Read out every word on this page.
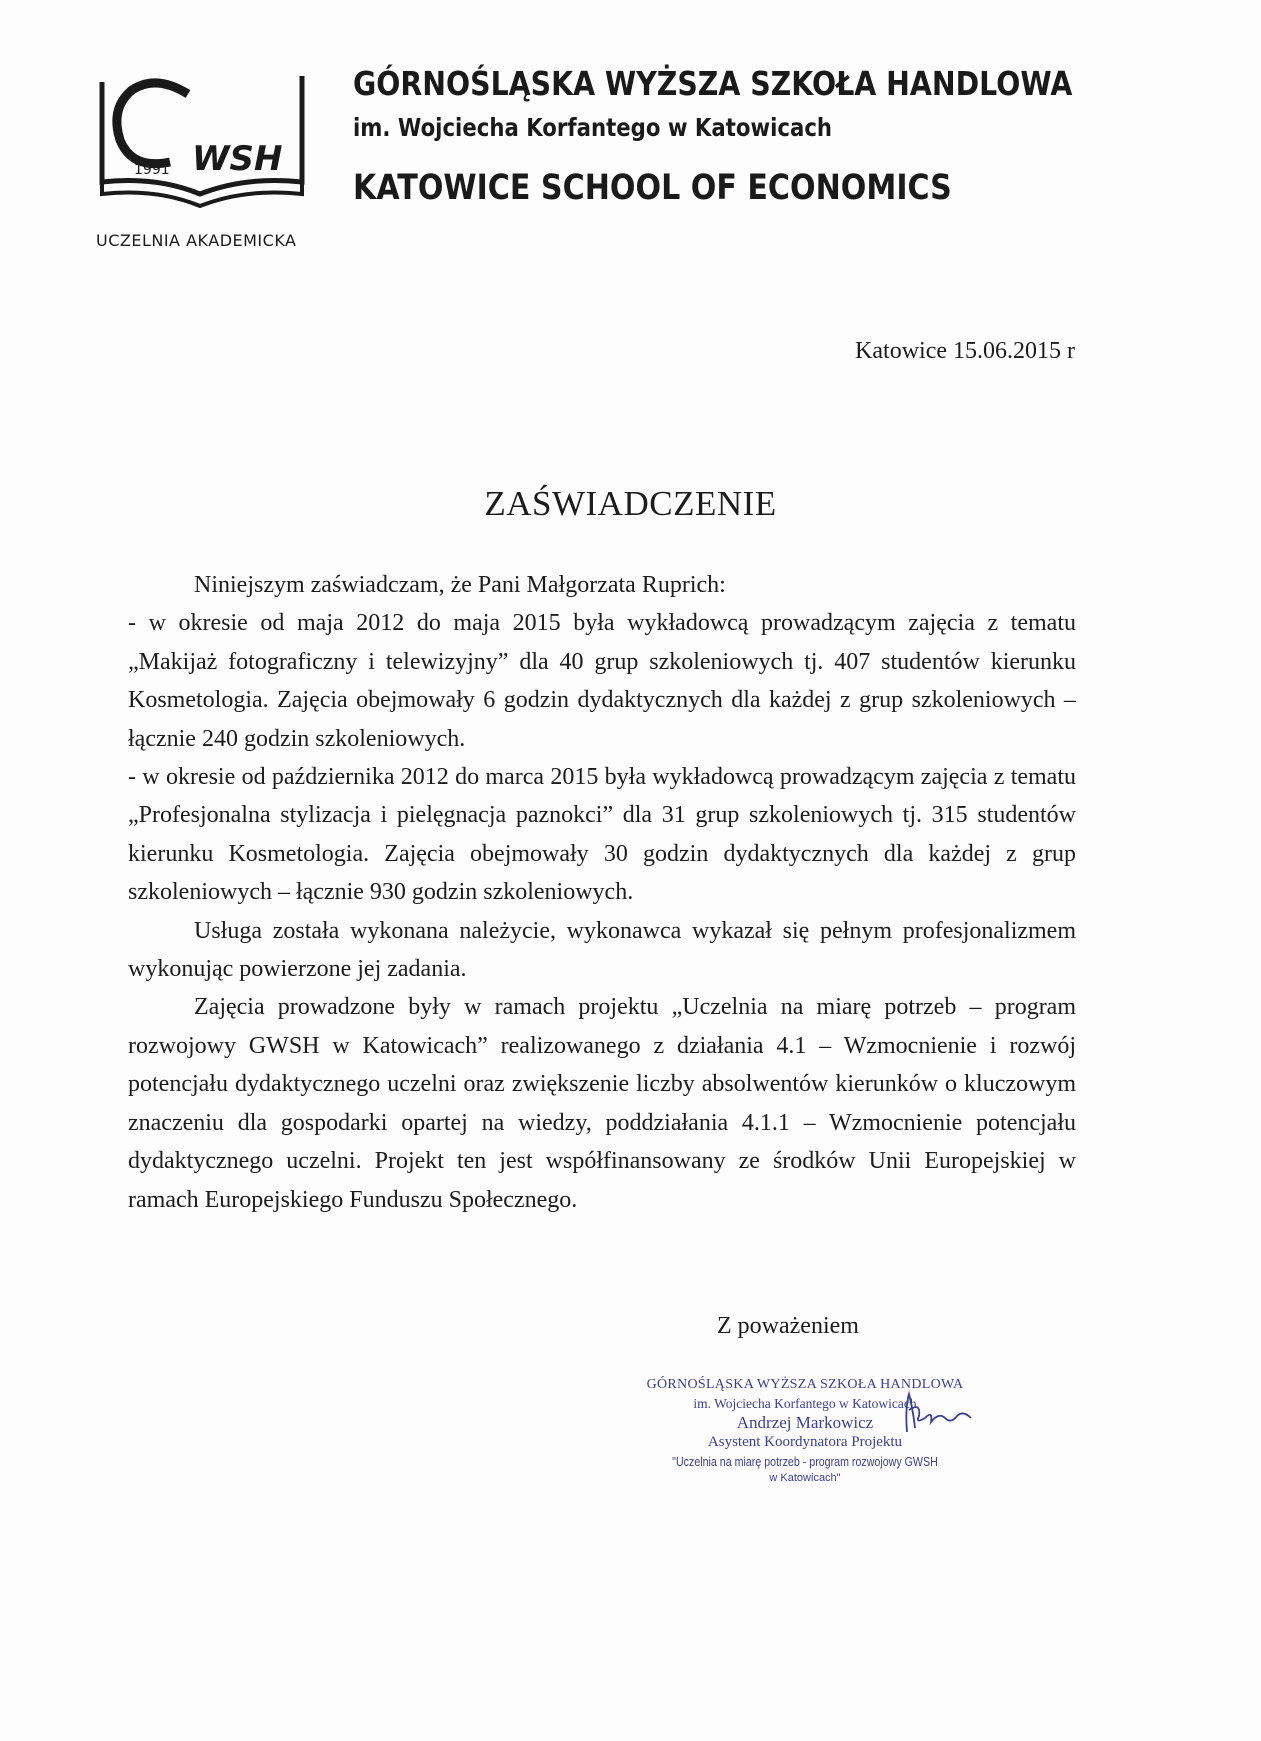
1991 WSH
UCZELNIA AKADEMICKA
GÓRNOŚLĄSKA WYŻSZA SZKOŁA HANDLOWA
im. Wojciecha Korfantego w Katowicach
KATOWICE SCHOOL OF ECONOMICS
Katowice 15.06.2015 r
ZAŚWIADCZENIE

Niniejszym zaświadczam, że Pani Małgorzata Ruprich:

- w okresie od maja 2012 do maja 2015 była wykładowcą prowadzącym zajęcia z tematu „Makijaż fotograficzny i telewizyjny” dla 40 grup szkoleniowych tj. 407 studentów kierunku Kosmetologia. Zajęcia obejmowały 6 godzin dydaktycznych dla każdej z grup szkoleniowych – łącznie 240 godzin szkoleniowych.

- w okresie od października 2012 do marca 2015 była wykładowcą prowadzącym zajęcia z tematu „Profesjonalna stylizacja i pielęgnacja paznokci” dla 31 grup szkoleniowych tj. 315 studentów kierunku Kosmetologia. Zajęcia obejmowały 30 godzin dydaktycznych dla każdej z grup szkoleniowych – łącznie 930 godzin szkoleniowych.

Usługa została wykonana należycie, wykonawca wykazał się pełnym profesjonalizmem wykonując powierzone jej zadania.

Zajęcia prowadzone były w ramach projektu „Uczelnia na miarę potrzeb – program rozwojowy GWSH w Katowicach” realizowanego z działania 4.1 – Wzmocnienie i rozwój potencjału dydaktycznego uczelni oraz zwiększenie liczby absolwentów kierunków o kluczowym znaczeniu dla gospodarki opartej na wiedzy, poddziałania 4.1.1 – Wzmocnienie potencjału dydaktycznego uczelni. Projekt ten jest współfinansowany ze środków Unii Europejskiej w ramach Europejskiego Funduszu Społecznego.

Z poważeniem
GÓRNOŚLĄSKA WYŻSZA SZKOŁA HANDLOWA
im. Wojciecha Korfantego w Katowicach
Andrzej Markowicz
Asystent Koordynatora Projektu
"Uczelnia na miarę potrzeb - program rozwojowy GWSH
w Katowicach"
